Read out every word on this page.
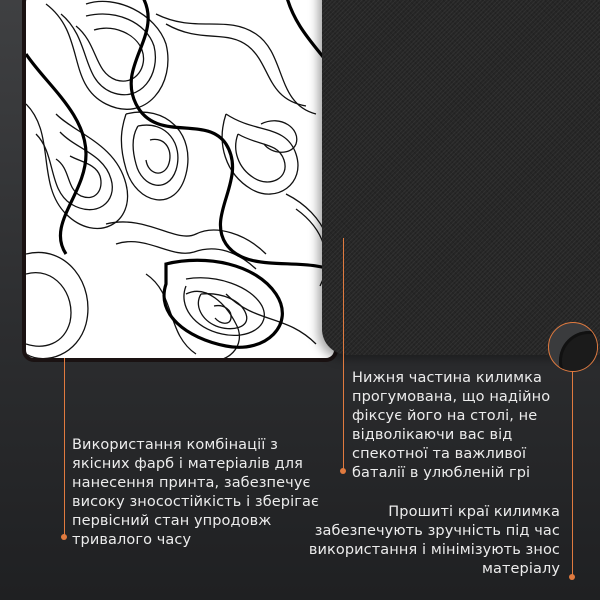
Використання комбінації з
якісних фарб і матеріалів для
нанесення принта, забезпечує
високу зносостійкість і зберігає
первісний стан упродовж
тривалого часу
Нижня частина килимка
прогумована, що надійно
фіксує його на столі, не
відволікаючи вас від
спекотної та важливої
баталії в улюбленій грі
Прошиті краї килимка
забезпечують зручність під час
використання і мінімізують знос
матеріалу
